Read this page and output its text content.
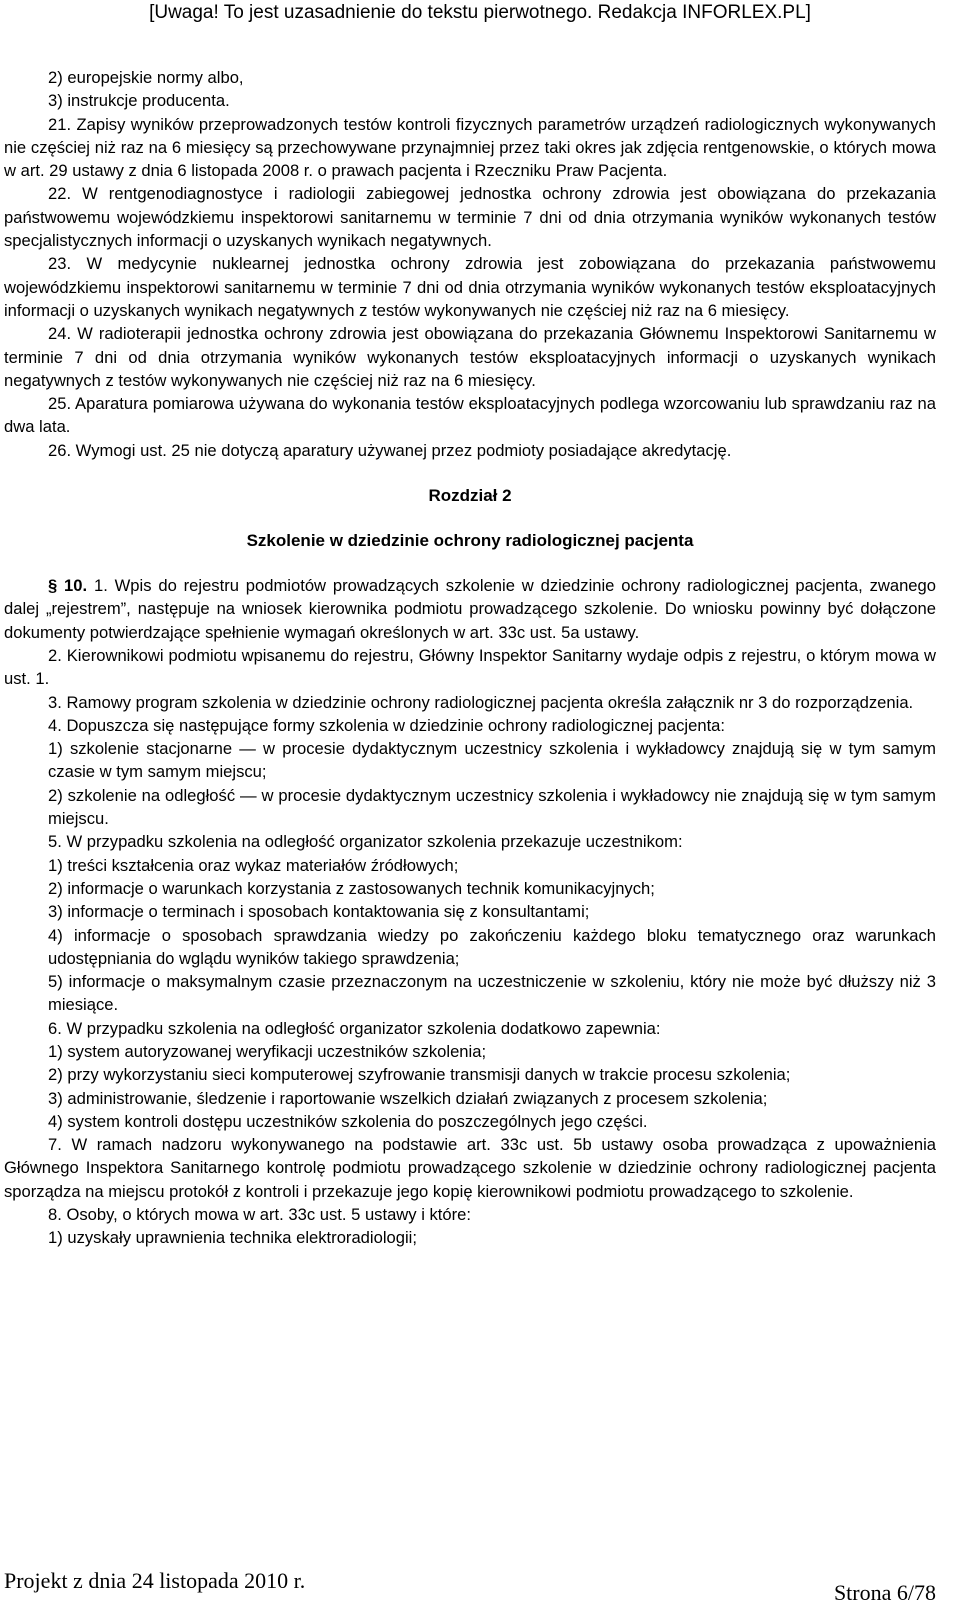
[Uwaga! To jest uzasadnienie do tekstu pierwotnego. Redakcja INFORLEX.PL]

2) europejskie normy albo,

3) instrukcje producenta.

21. Zapisy wyników przeprowadzonych testów kontroli fizycznych parametrów urządzeń radiologicznych wykonywanych nie częściej niż raz na 6 miesięcy są przechowywane przynajmniej przez taki okres jak zdjęcia rentgenowskie, o których mowa w art. 29 ustawy z dnia 6 listopada 2008 r. o prawach pacjenta i Rzeczniku Praw Pacjenta.

22. W rentgenodiagnostyce i radiologii zabiegowej jednostka ochrony zdrowia jest obowiązana do przekazania państwowemu wojewódzkiemu inspektorowi sanitarnemu w terminie 7 dni od dnia otrzymania wyników wykonanych testów specjalistycznych informacji o uzyskanych wynikach negatywnych.

23. W medycynie nuklearnej jednostka ochrony zdrowia jest zobowiązana do przekazania państwowemu wojewódzkiemu inspektorowi sanitarnemu w terminie 7 dni od dnia otrzymania wyników wykonanych testów eksploatacyjnych informacji o uzyskanych wynikach negatywnych z testów wykonywanych nie częściej niż raz na 6 miesięcy.

24. W radioterapii jednostka ochrony zdrowia jest obowiązana do przekazania Głównemu Inspektorowi Sanitarnemu w terminie 7 dni od dnia otrzymania wyników wykonanych testów eksploatacyjnych informacji o uzyskanych wynikach negatywnych z testów wykonywanych nie częściej niż raz na 6 miesięcy.

25. Aparatura pomiarowa używana do wykonania testów eksploatacyjnych podlega wzorcowaniu lub sprawdzaniu raz na dwa lata.

26. Wymogi ust. 25 nie dotyczą aparatury używanej przez podmioty posiadające akredytację.

Rozdział 2

Szkolenie w dziedzinie ochrony radiologicznej pacjenta

§ 10. 1. Wpis do rejestru podmiotów prowadzących szkolenie w dziedzinie ochrony radiologicznej pacjenta, zwanego dalej „rejestrem”, następuje na wniosek kierownika podmiotu prowadzącego szkolenie. Do wniosku powinny być dołączone dokumenty potwierdzające spełnienie wymagań określonych w art. 33c ust. 5a ustawy.

2. Kierownikowi podmiotu wpisanemu do rejestru, Główny Inspektor Sanitarny wydaje odpis z rejestru, o którym mowa w ust. 1.

3. Ramowy program szkolenia w dziedzinie ochrony radiologicznej pacjenta określa załącznik nr 3 do rozporządzenia.

4. Dopuszcza się następujące formy szkolenia w dziedzinie ochrony radiologicznej pacjenta:

1) szkolenie stacjonarne — w procesie dydaktycznym uczestnicy szkolenia i wykładowcy znajdują się w tym samym czasie w tym samym miejscu;

2) szkolenie na odległość — w procesie dydaktycznym uczestnicy szkolenia i wykładowcy nie znajdują się w tym samym miejscu.

5. W przypadku szkolenia na odległość organizator szkolenia przekazuje uczestnikom:

1) treści kształcenia oraz wykaz materiałów źródłowych;

2) informacje o warunkach korzystania z zastosowanych technik komunikacyjnych;

3) informacje o terminach i sposobach kontaktowania się z konsultantami;

4) informacje o sposobach sprawdzania wiedzy po zakończeniu każdego bloku tematycznego oraz warunkach udostępniania do wglądu wyników takiego sprawdzenia;

5) informacje o maksymalnym czasie przeznaczonym na uczestniczenie w szkoleniu, który nie może być dłuższy niż 3 miesiące.

6. W przypadku szkolenia na odległość organizator szkolenia dodatkowo zapewnia:

1) system autoryzowanej weryfikacji uczestników szkolenia;

2) przy wykorzystaniu sieci komputerowej szyfrowanie transmisji danych w trakcie procesu szkolenia;

3) administrowanie, śledzenie i raportowanie wszelkich działań związanych z procesem szkolenia;

4) system kontroli dostępu uczestników szkolenia do poszczególnych jego części.

7. W ramach nadzoru wykonywanego na podstawie art. 33c ust. 5b ustawy osoba prowadząca z upoważnienia Głównego Inspektora Sanitarnego kontrolę podmiotu prowadzącego szkolenie w dziedzinie ochrony radiologicznej pacjenta sporządza na miejscu protokół z kontroli i przekazuje jego kopię kierownikowi podmiotu prowadzącego to szkolenie.

8. Osoby, o których mowa w art. 33c ust. 5 ustawy i które:

1) uzyskały uprawnienia technika elektroradiologii;

Projekt z dnia 24 listopada 2010 r.	Strona 6/78
